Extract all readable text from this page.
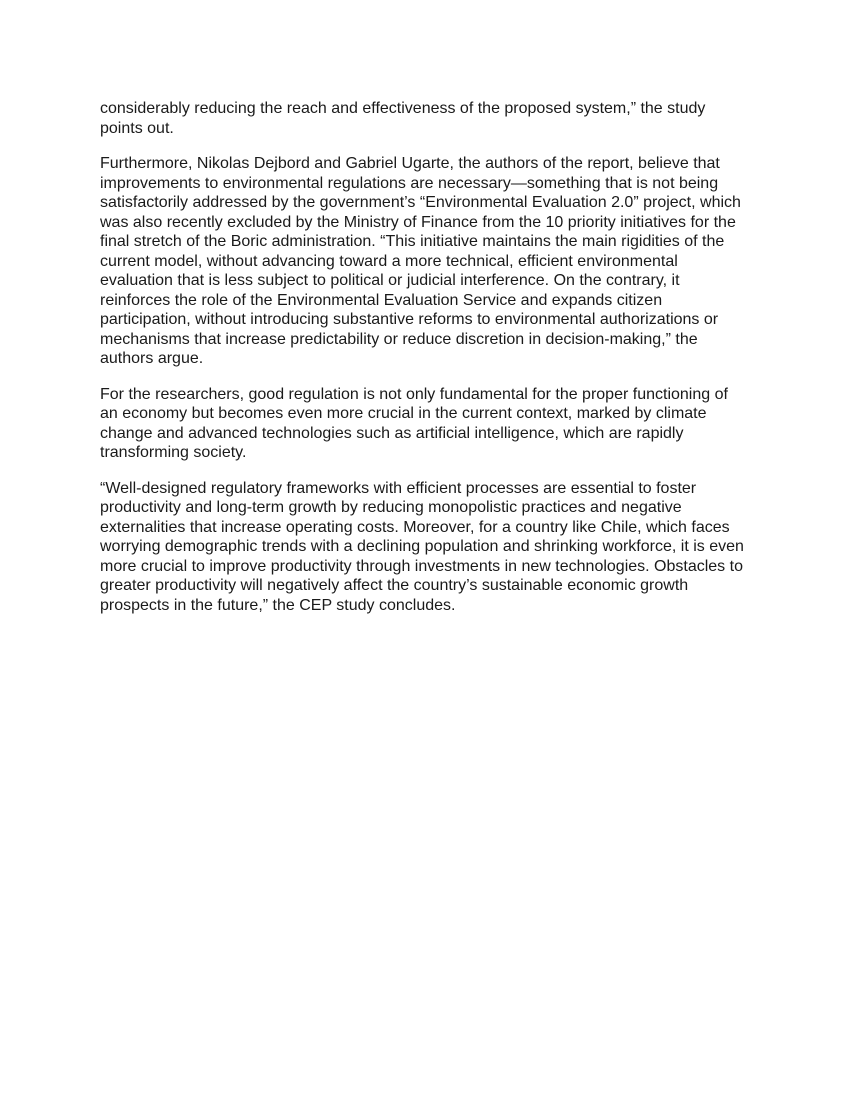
considerably reducing the reach and effectiveness of the proposed system,” the study points out.

Furthermore, Nikolas Dejbord and Gabriel Ugarte, the authors of the report, believe that improvements to environmental regulations are necessary—something that is not being satisfactorily addressed by the government’s “Environmental Evaluation 2.0” project, which was also recently excluded by the Ministry of Finance from the 10 priority initiatives for the final stretch of the Boric administration. “This initiative maintains the main rigidities of the current model, without advancing toward a more technical, efficient environmental evaluation that is less subject to political or judicial interference. On the contrary, it reinforces the role of the Environmental Evaluation Service and expands citizen participation, without introducing substantive reforms to environmental authorizations or mechanisms that increase predictability or reduce discretion in decision-making,” the authors argue.

For the researchers, good regulation is not only fundamental for the proper functioning of an economy but becomes even more crucial in the current context, marked by climate change and advanced technologies such as artificial intelligence, which are rapidly transforming society.

“Well-designed regulatory frameworks with efficient processes are essential to foster productivity and long-term growth by reducing monopolistic practices and negative externalities that increase operating costs. Moreover, for a country like Chile, which faces worrying demographic trends with a declining population and shrinking workforce, it is even more crucial to improve productivity through investments in new technologies. Obstacles to greater productivity will negatively affect the country’s sustainable economic growth prospects in the future,” the CEP study concludes.
